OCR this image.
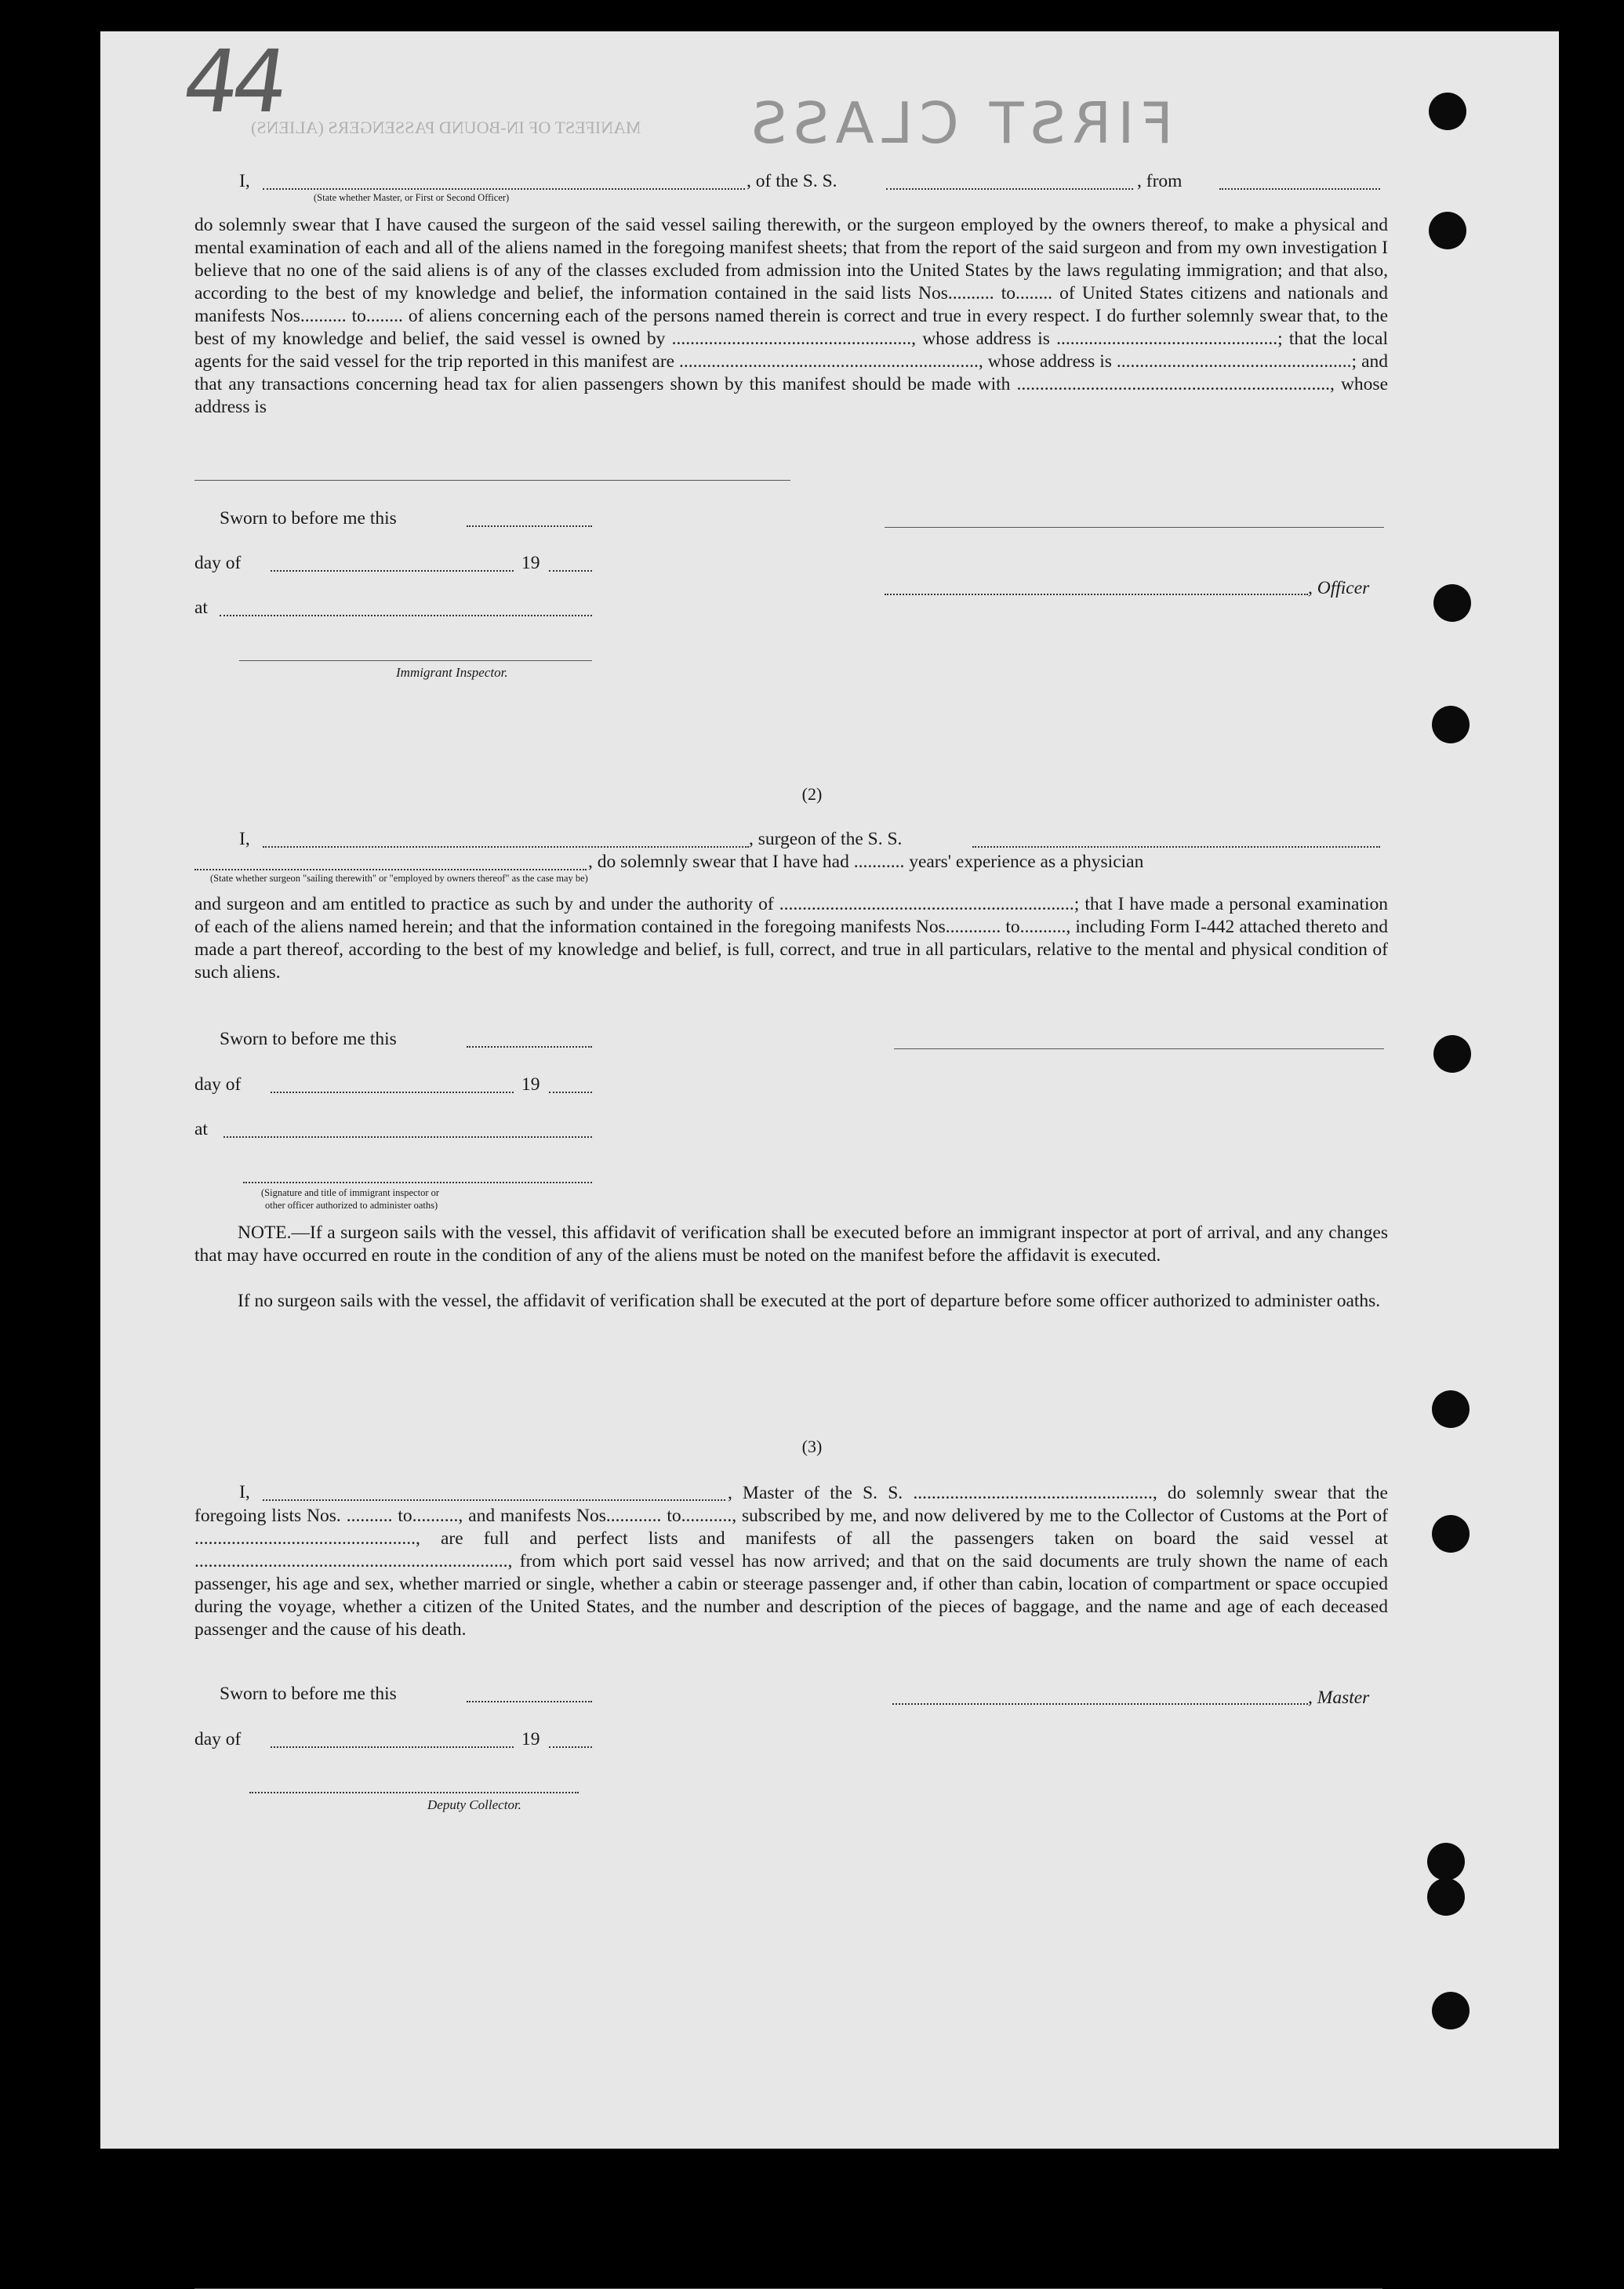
44	FIRST CLASS
MANIFEST OF IN-BOUND PASSENGERS (ALIENS)
I,
(State whether Master, or First or Second Officer)
, of the S. S.	, from
do solemnly swear that I have caused the surgeon of the said vessel sailing therewith, or the surgeon employed by the owners thereof, to make a physical and mental examination of each and all of the aliens named in the foregoing manifest sheets; that from the report of the said surgeon and from my own investigation I believe that no one of the said aliens is of any of the classes excluded from admission into the United States by the laws regulating immigration; and that also, according to the best of my knowledge and belief, the information contained in the said lists Nos.......... to........ of United States citizens and nationals and manifests Nos.......... to........ of aliens concerning each of the persons named therein is correct and true in every respect. I do further solemnly swear that, to the best of my knowledge and belief, the said vessel is owned by ...................................................., whose address is ................................................; that the local agents for the said vessel for the trip reported in this manifest are ................................................................., whose address is ...................................................; and that any transactions concerning head tax for alien passengers shown by this manifest should be made with ...................................................................., whose address is
Sworn to before me this
day of	19
, Officer
at
Immigrant Inspector.
(2)
I,	, surgeon of the S. S.
, do solemnly swear that I have had ........... years' experience as a physician
(State whether surgeon "sailing therewith" or "employed by owners thereof" as the case may be)
and surgeon and am entitled to practice as such by and under the authority of ................................................................; that I have made a personal examination of each of the aliens named herein; and that the information contained in the foregoing manifests Nos............ to.........., including Form I-442 attached thereto and made a part thereof, according to the best of my knowledge and belief, is full, correct, and true in all particulars, relative to the mental and physical condition of such aliens.
Sworn to before me this
day of	19
at
(Signature and title of immigrant inspector or
other officer authorized to administer oaths)
NOTE.—If a surgeon sails with the vessel, this affidavit of verification shall be executed before an immigrant inspector at port of arrival, and any changes that may have occurred en route in the condition of any of the aliens must be noted on the manifest before the affidavit is executed.
If no surgeon sails with the vessel, the affidavit of verification shall be executed at the port of departure before some officer authorized to administer oaths.
(3)
I,	, Master of the S. S. ...................................................., do solemnly swear that the foregoing lists Nos. .......... to.........., and manifests Nos............ to..........., subscribed by me, and now delivered by me to the Collector of Customs at the Port of ................................................, are full and perfect lists and manifests of all the passengers taken on board the said vessel at ...................................................................., from which port said vessel has now arrived; and that on the said documents are truly shown the name of each passenger, his age and sex, whether married or single, whether a cabin or steerage passenger and, if other than cabin, location of compartment or space occupied during the voyage, whether a citizen of the United States, and the number and description of the pieces of baggage, and the name and age of each deceased passenger and the cause of his death.
Sworn to before me this	, Master
day of	19
Deputy Collector.
